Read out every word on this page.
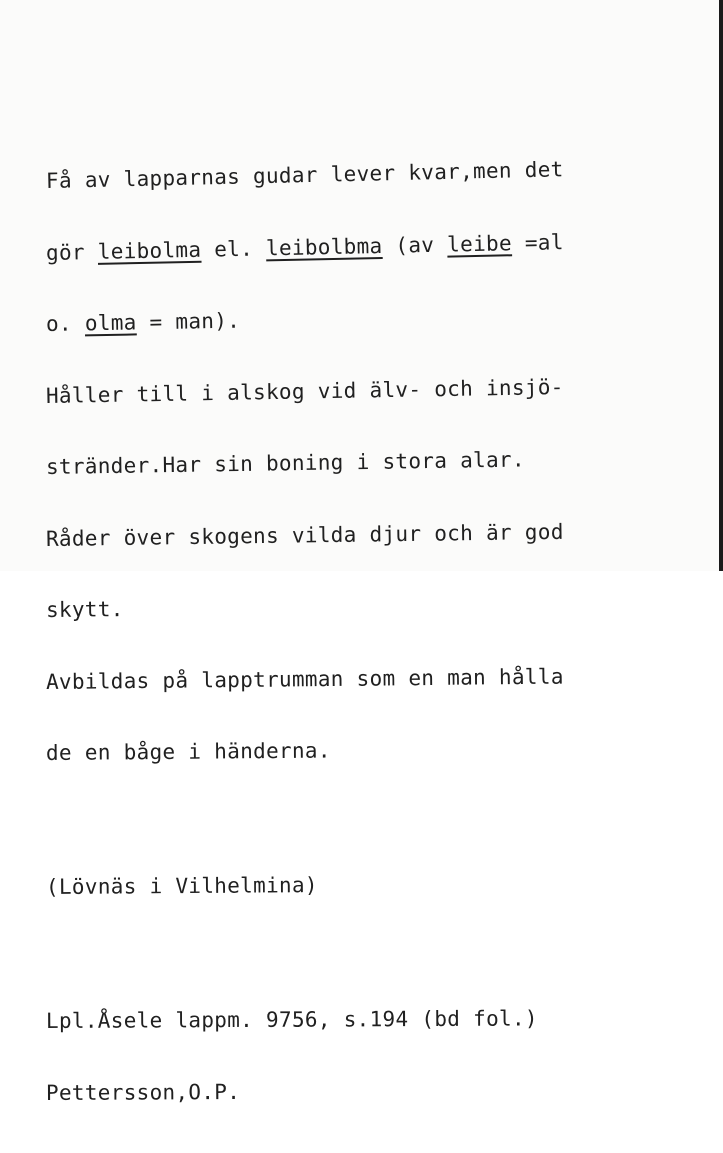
Få av lapparnas gudar lever kvar,men det

gör leibolma el. leibolbma (av leibe =al

o. olma = man).

Håller till i alskog vid älv- och insjö-

stränder.Har sin boning i stora alar.

Råder över skogens vilda djur och är god

skytt.

Avbildas på lapptrumman som en man hålla

de en båge i händerna.

(Lövnäs i Vilhelmina)

Lpl.Åsele lappm. 9756, s.194 (bd fol.)

Pettersson,O.P.
